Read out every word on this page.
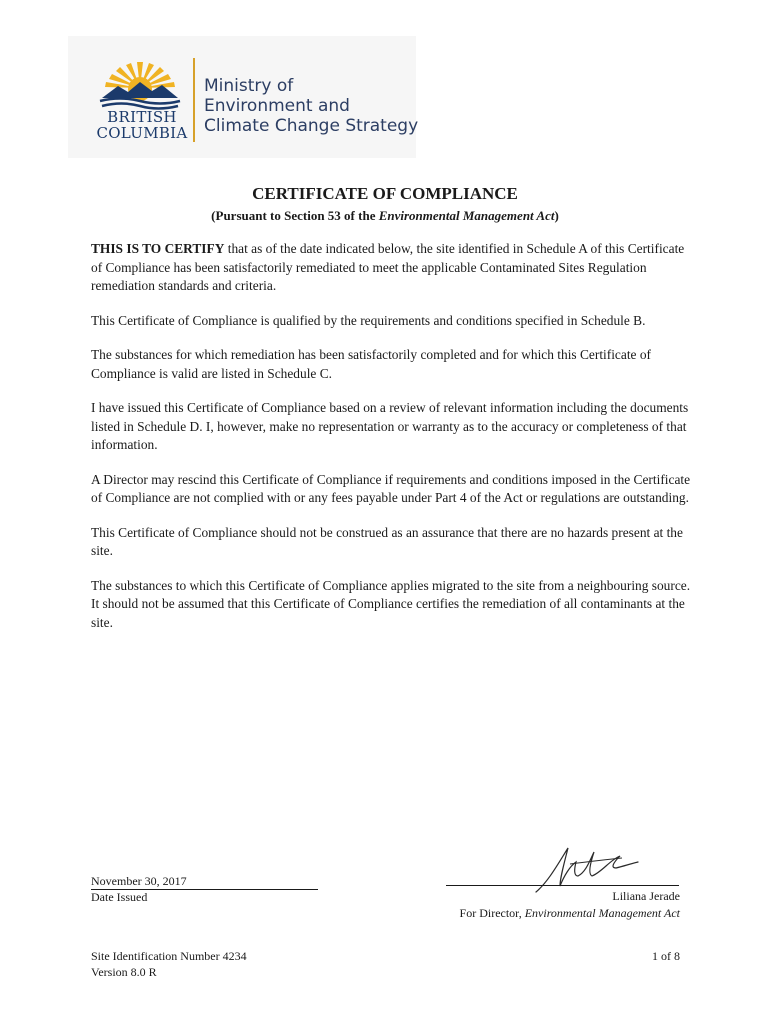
BRITISH
COLUMBIA
Ministry of
Environment and
Climate Change Strategy
CERTIFICATE OF COMPLIANCE
(Pursuant to Section 53 of the Environmental Management Act)

THIS IS TO CERTIFY that as of the date indicated below, the site identified in Schedule A of this Certificate of Compliance has been satisfactorily remediated to meet the applicable Contaminated Sites Regulation remediation standards and criteria.

This Certificate of Compliance is qualified by the requirements and conditions specified in Schedule B.

The substances for which remediation has been satisfactorily completed and for which this Certificate of Compliance is valid are listed in Schedule C.

I have issued this Certificate of Compliance based on a review of relevant information including the documents listed in Schedule D. I, however, make no representation or warranty as to the accuracy or completeness of that information.

A Director may rescind this Certificate of Compliance if requirements and conditions imposed in the Certificate of Compliance are not complied with or any fees payable under Part 4 of the Act or regulations are outstanding.

This Certificate of Compliance should not be construed as an assurance that there are no hazards present at the site.

The substances to which this Certificate of Compliance applies migrated to the site from a neighbouring source. It should not be assumed that this Certificate of Compliance certifies the remediation of all contaminants at the site.

November 30, 2017
Date Issued	Liliana Jerade
For Director, Environmental Management Act
Site Identification Number 4234
Version 8.0 R
1 of 8
